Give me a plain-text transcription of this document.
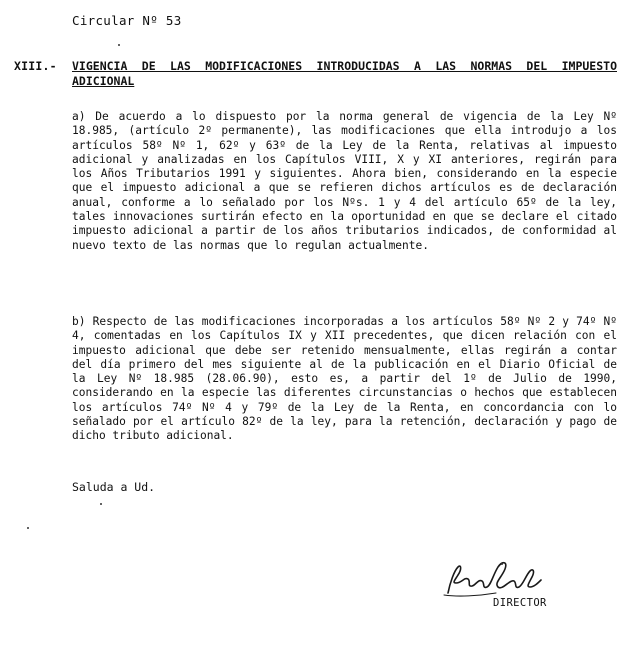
Circular Nº 53
XIII.- VIGENCIA DE LAS MODIFICACIONES INTRODUCIDAS A LAS NORMAS DEL IMPUESTO ADICIONAL
a) De acuerdo a lo dispuesto por la norma general de vigencia de la Ley Nº 18.985, (artículo 2º permanente), las modificaciones que ella introdujo a los artículos 58º Nº 1, 62º y 63º de la Ley de la Renta, relativas al impuesto adicional y analizadas en los Capítulos VIII, X y XI anteriores, regirán para los Años Tributarios 1991 y siguientes. Ahora bien, considerando en la especie que el impuesto adicional a que se refieren dichos artículos es de declaración anual, conforme a lo señalado por los Nºs. 1 y 4 del artículo 65º de la ley, tales innovaciones surtirán efecto en la oportunidad en que se declare el citado impuesto adicional a partir de los años tributarios indicados, de conformidad al nuevo texto de las normas que lo regulan actualmente.
b) Respecto de las modificaciones incorporadas a los artículos 58º Nº 2 y 74º Nº 4, comentadas en los Capítulos IX y XII precedentes, que dicen relación con el impuesto adicional que debe ser retenido mensualmente, ellas regirán a contar del día primero del mes siguiente al de la publicación en el Diario Oficial de la Ley Nº 18.985 (28.06.90), esto es, a partir del 1º de Julio de 1990, considerando en la especie las diferentes circunstancias o hechos que establecen los artículos 74º Nº 4 y 79º de la Ley de la Renta, en concordancia con lo señalado por el artículo 82º de la ley, para la retención, declaración y pago de dicho tributo adicional.
Saluda a Ud.
DIRECTOR
